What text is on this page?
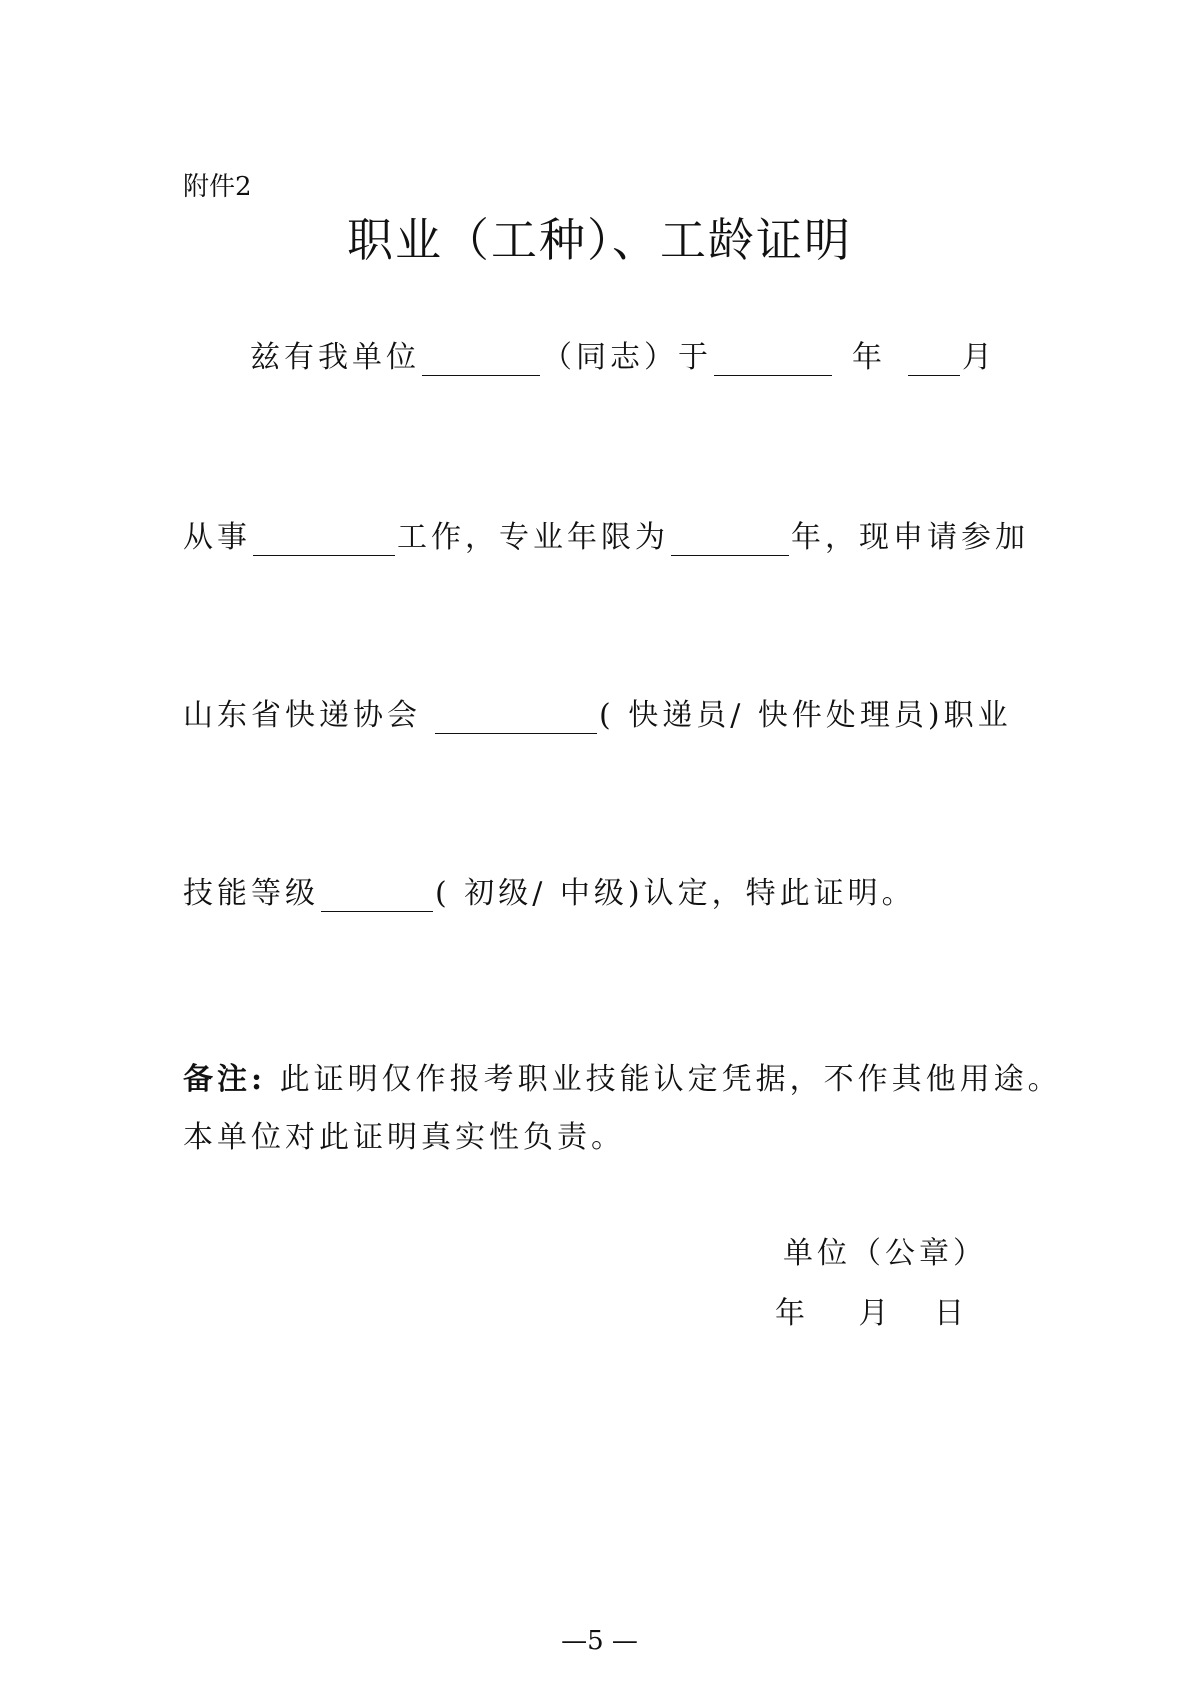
附件2
职业（工种）、工龄证明
兹有我单位	（同志）于	年	月
从事	工作，专业年限为	年，现申请参加
山东省快递协会	( 快递员/ 快件处理员)职业
技能等级	( 初级/ 中级)认定，特此证明。
备注: 此证明仅作报考职业技能认定凭据，不作其他用途。
本单位对此证明真实性负责。
单位（公章）
年 月 日
—5 —
